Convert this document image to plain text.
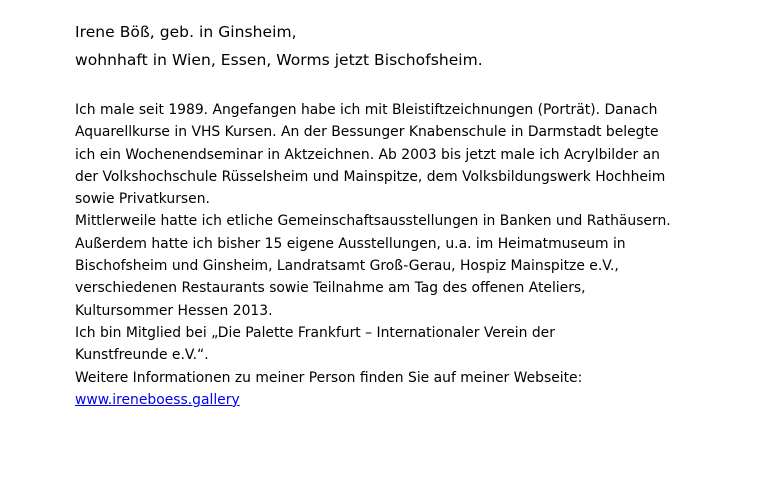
Irene Böß, geb. in Ginsheim,
wohnhaft in Wien, Essen, Worms jetzt Bischofsheim.
Ich male seit 1989. Angefangen habe ich mit Bleistiftzeichnungen (Porträt). Danach
Aquarellkurse in VHS Kursen. An der Bessunger Knabenschule in Darmstadt belegte
ich ein Wochenendseminar in Aktzeichnen. Ab 2003 bis jetzt male ich Acrylbilder an
der Volkshochschule Rüsselsheim und Mainspitze, dem Volksbildungswerk Hochheim
sowie Privatkursen.
Mittlerweile hatte ich etliche Gemeinschaftsausstellungen in Banken und Rathäusern.
Außerdem hatte ich bisher 15 eigene Ausstellungen, u.a. im Heimatmuseum in
Bischofsheim und Ginsheim, Landratsamt Groß-Gerau, Hospiz Mainspitze e.V.,
verschiedenen Restaurants sowie Teilnahme am Tag des offenen Ateliers,
Kultursommer Hessen 2013.
Ich bin Mitglied bei „Die Palette Frankfurt – Internationaler Verein der
Kunstfreunde e.V.“.
Weitere Informationen zu meiner Person finden Sie auf meiner Webseite:
www.ireneboess.gallery
